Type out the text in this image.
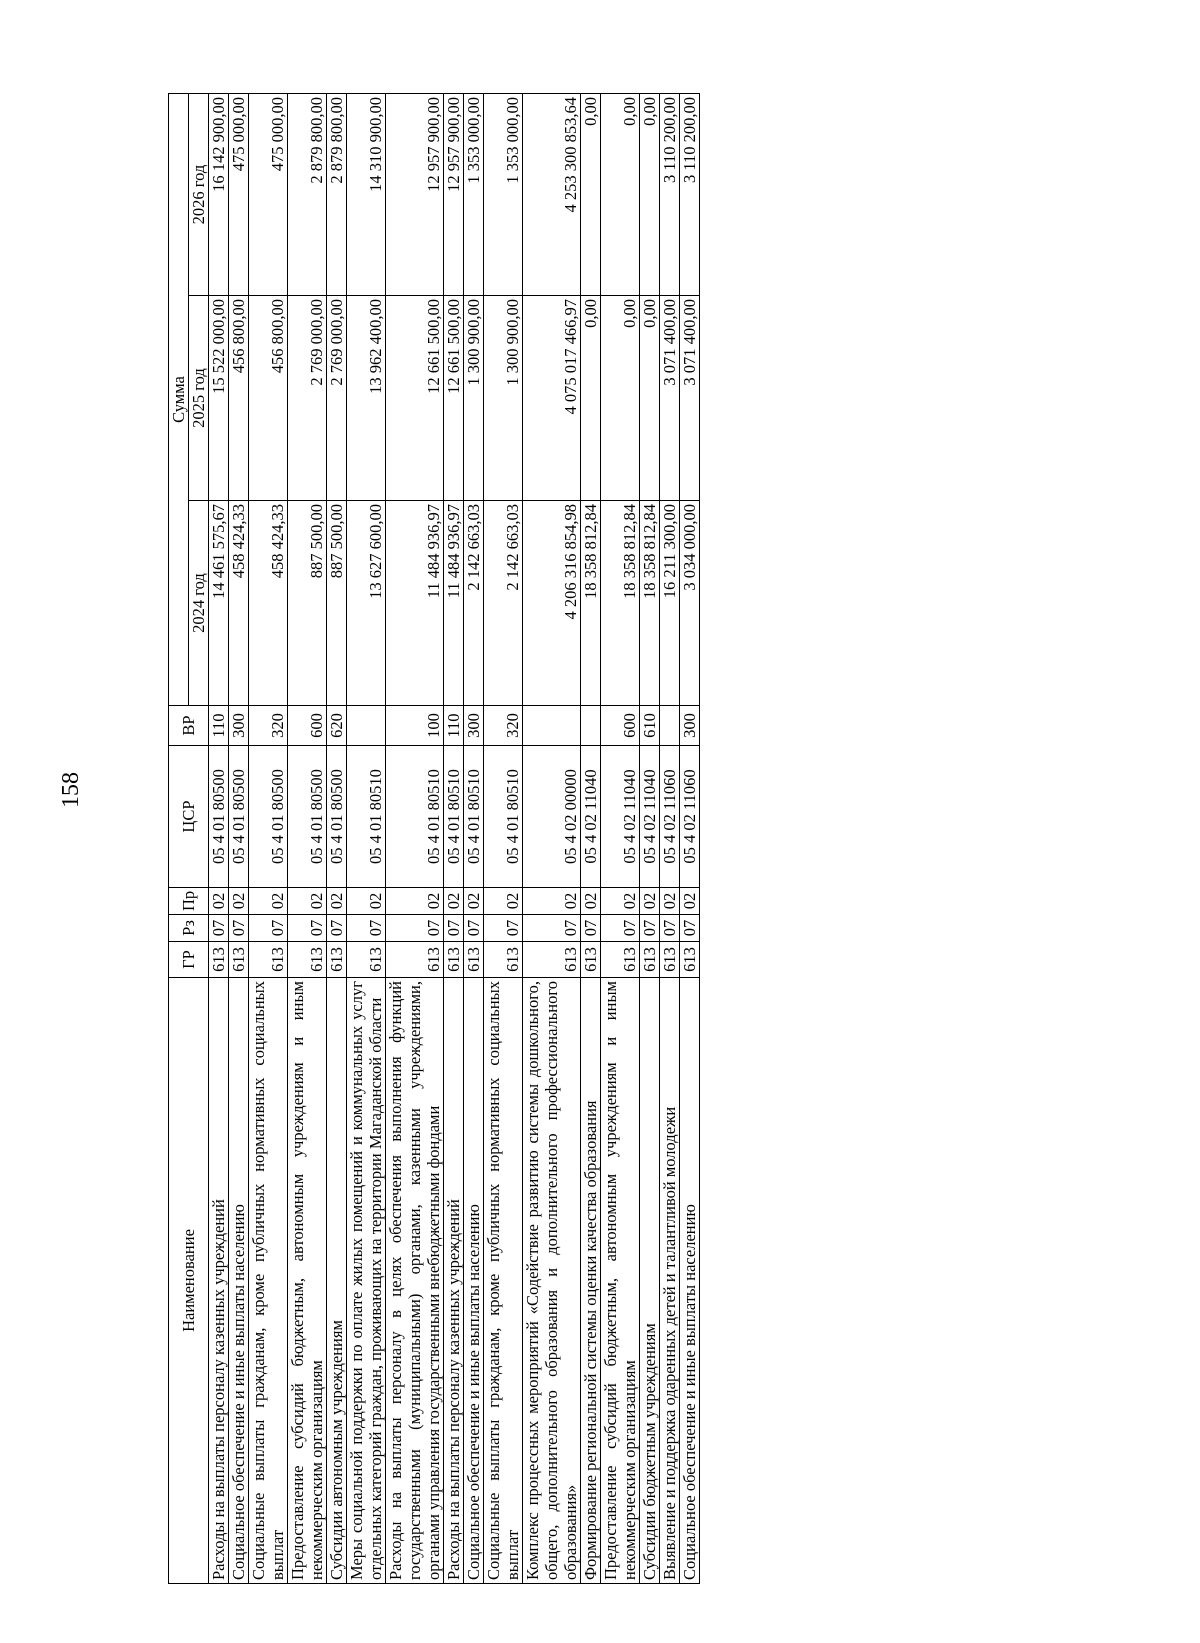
158
Наименование	ГР	Рз	Пр	ЦСР	ВР	Сумма		
						2024 год	2025 год	2026 год
Расходы на выплаты персоналу казенных учреждений	613	07	02	05 4 01 80500	110	14 461 575,67	15 522 000,00	16 142 900,00
Социальное обеспечение и иные выплаты населению	613	07	02	05 4 01 80500	300	458 424,33	456 800,00	475 000,00
Социальные выплаты гражданам, кроме публичных нормативных социальных выплат	613	07	02	05 4 01 80500	320	458 424,33	456 800,00	475 000,00
Предоставление субсидий бюджетным, автономным учреждениям и иным некоммерческим организациям	613	07	02	05 4 01 80500	600	887 500,00	2 769 000,00	2 879 800,00
Субсидии автономным учреждениям	613	07	02	05 4 01 80500	620	887 500,00	2 769 000,00	2 879 800,00
Меры социальной поддержки по оплате жилых помещений и коммунальных услуг отдельных категорий граждан, проживающих на территории Магаданской области	613	07	02	05 4 01 80510		13 627 600,00	13 962 400,00	14 310 900,00
Расходы на выплаты персоналу в целях обеспечения выполнения функций государственными (муниципальными) органами, казенными учреждениями, органами управления государственными внебюджетными фондами	613	07	02	05 4 01 80510	100	11 484 936,97	12 661 500,00	12 957 900,00
Расходы на выплаты персоналу казенных учреждений	613	07	02	05 4 01 80510	110	11 484 936,97	12 661 500,00	12 957 900,00
Социальное обеспечение и иные выплаты населению	613	07	02	05 4 01 80510	300	2 142 663,03	1 300 900,00	1 353 000,00
Социальные выплаты гражданам, кроме публичных нормативных социальных выплат	613	07	02	05 4 01 80510	320	2 142 663,03	1 300 900,00	1 353 000,00
Комплекс процессных мероприятий «Содействие развитию системы дошкольного, общего, дополнительного образования и дополнительного профессионального образования»	613	07	02	05 4 02 00000		4 206 316 854,98	4 075 017 466,97	4 253 300 853,64
Формирование региональной системы оценки качества образования	613	07	02	05 4 02 11040		18 358 812,84	0,00	0,00
Предоставление субсидий бюджетным, автономным учреждениям и иным некоммерческим организациям	613	07	02	05 4 02 11040	600	18 358 812,84	0,00	0,00
Субсидии бюджетным учреждениям	613	07	02	05 4 02 11040	610	18 358 812,84	0,00	0,00
Выявление и поддержка одаренных детей и талантливой молодежи	613	07	02	05 4 02 11060		16 211 300,00	3 071 400,00	3 110 200,00
Социальное обеспечение и иные выплаты населению	613	07	02	05 4 02 11060	300	3 034 000,00	3 071 400,00	3 110 200,00
